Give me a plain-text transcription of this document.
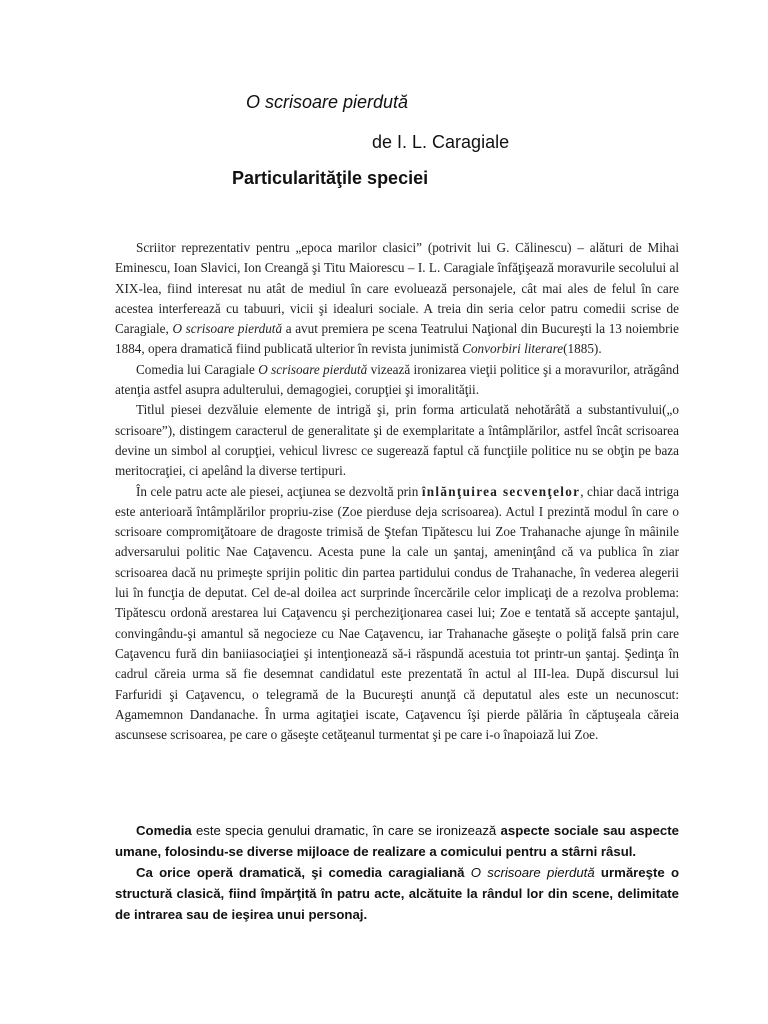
O scrisoare pierdută
de I. L. Caragiale
Particularităţile speciei

Scriitor reprezentativ pentru „epoca marilor clasici” (potrivit lui G. Călinescu) – alături de Mihai Eminescu, Ioan Slavici, Ion Creangă şi Titu Maiorescu – I. L. Caragiale înfăţişează moravurile secolului al XIX-lea, fiind interesat nu atât de mediul în care evoluează personajele, cât mai ales de felul în care acestea interferează cu tabuuri, vicii şi idealuri sociale. A treia din seria celor patru comedii scrise de Caragiale, O scrisoare pierdută a avut premiera pe scena Teatrului Naţional din Bucureşti la 13 noiembrie 1884, opera dramatică fiind publicată ulterior în revista junimistă Convorbiri literare(1885).

Comedia lui Caragiale O scrisoare pierdută vizează ironizarea vieţii politice şi a moravurilor, atrăgând atenţia astfel asupra adulterului, demagogiei, corupţiei şi imoralităţii.

Titlul piesei dezvăluie elemente de intrigă şi, prin forma articulată nehotărâtă a substantivului(„o scrisoare”), distingem caracterul de generalitate şi de exemplaritate a întâmplărilor, astfel încât scrisoarea devine un simbol al corupţiei, vehicul livresc ce sugerează faptul că funcţiile politice nu se obţin pe baza meritocraţiei, ci apelând la diverse tertipuri.

În cele patru acte ale piesei, acţiunea se dezvoltă prin înlănţuirea secvenţelor, chiar dacă intriga este anterioară întâmplărilor propriu-zise (Zoe pierduse deja scrisoarea). Actul I prezintă modul în care o scrisoare compromiţătoare de dragoste trimisă de Ştefan Tipătescu lui Zoe Trahanache ajunge în mâinile adversarului politic Nae Caţavencu. Acesta pune la cale un şantaj, ameninţând că va publica în ziar scrisoarea dacă nu primeşte sprijin politic din partea partidului condus de Trahanache, în vederea alegerii lui în funcţia de deputat. Cel de-al doilea act surprinde încercările celor implicaţi de a rezolva problema: Tipătescu ordonă arestarea lui Caţavencu şi percheziţionarea casei lui; Zoe e tentată să accepte şantajul, convingându-şi amantul să negocieze cu Nae Caţavencu, iar Trahanache găseşte o poliţă falsă prin care Caţavencu fură din baniiasociaţiei şi intenţionează să-i răspundă acestuia tot printr-un şantaj. Şedinţa în cadrul căreia urma să fie desemnat candidatul este prezentată în actul al III-lea. După discursul lui Farfuridi şi Caţavencu, o telegramă de la Bucureşti anunţă că deputatul ales este un necunoscut: Agamemnon Dandanache. În urma agitaţiei iscate, Caţavencu îşi pierde pălăria în căptuşeala căreia ascunsese scrisoarea, pe care o găseşte cetăţeanul turmentat şi pe care i-o înapoiază lui Zoe.

Comedia este specia genului dramatic, în care se ironizează aspecte sociale sau aspecte umane, folosindu-se diverse mijloace de realizare a comicului pentru a stârni râsul.

Ca orice operă dramatică, şi comedia caragialiană O scrisoare pierdută urmăreşte o structură clasică, fiind împărţită în patru acte, alcătuite la rândul lor din scene, delimitate de intrarea sau de ieşirea unui personaj.
